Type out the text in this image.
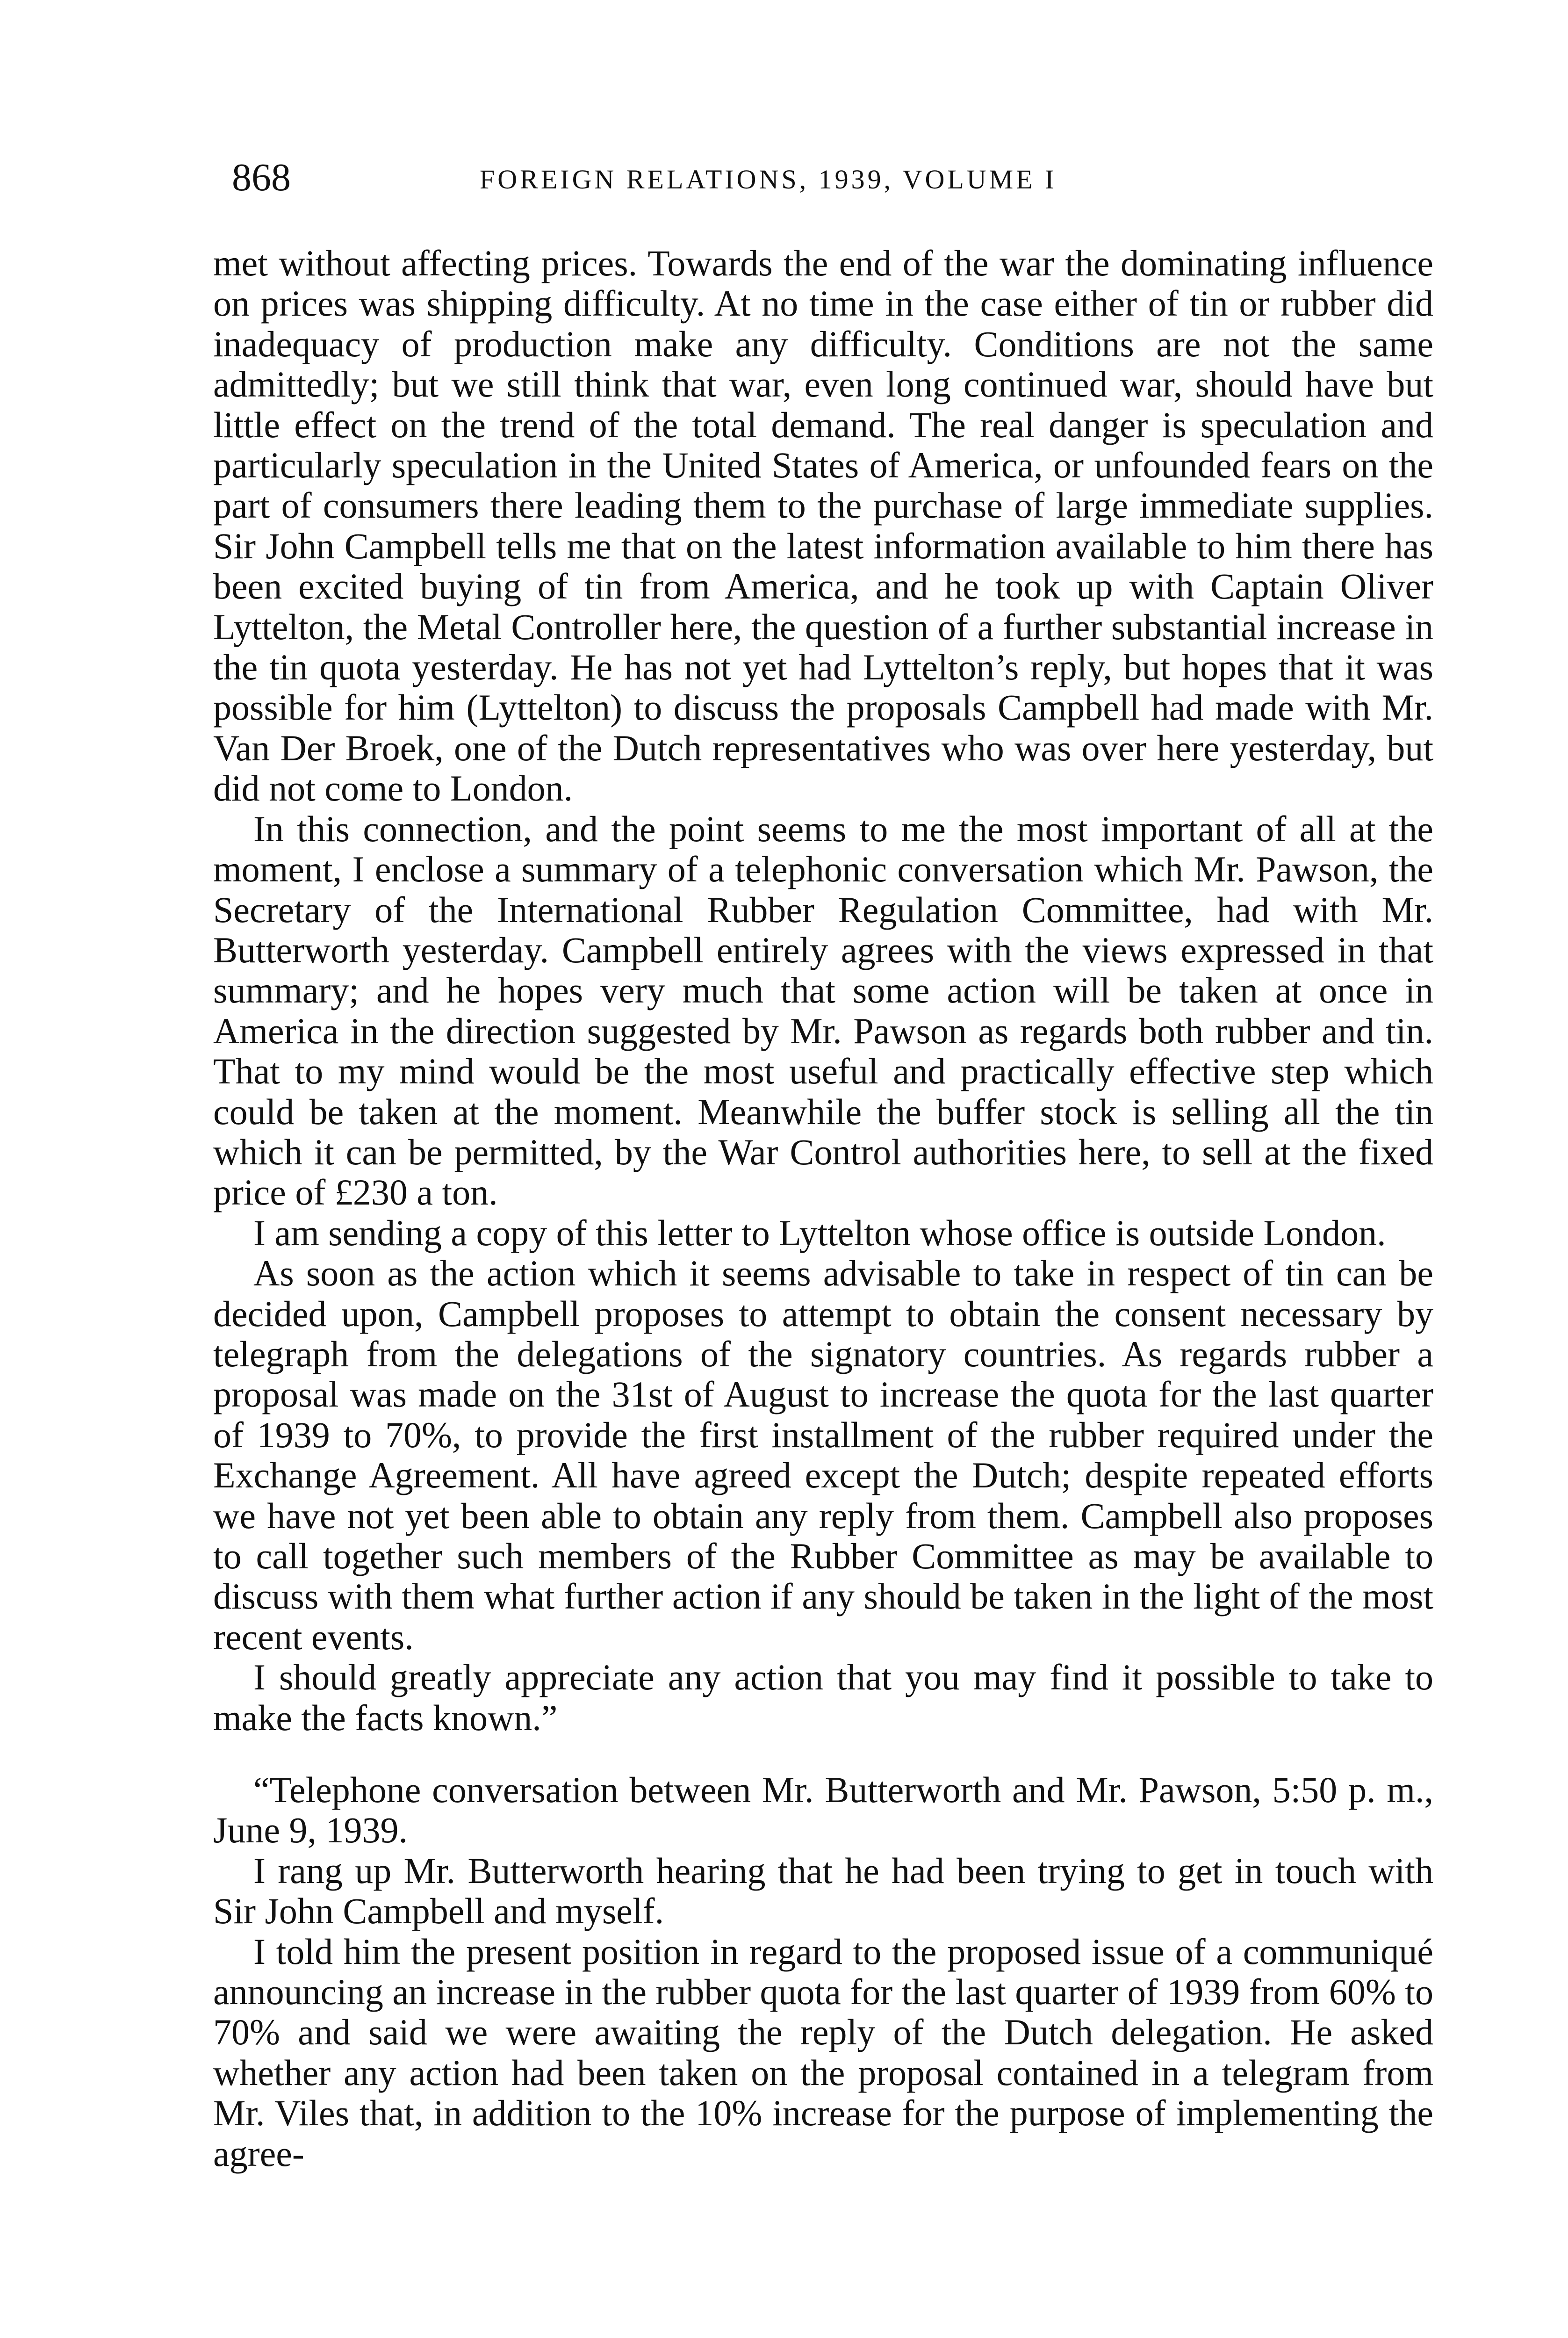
868	FOREIGN RELATIONS, 1939, VOLUME I

met without affecting prices. Towards the end of the war the dominating influence on prices was shipping difficulty. At no time in the case either of tin or rubber did inadequacy of production make any difficulty. Conditions are not the same admittedly; but we still think that war, even long continued war, should have but little effect on the trend of the total demand. The real danger is speculation and particularly speculation in the United States of America, or unfounded fears on the part of consumers there leading them to the purchase of large immediate supplies. Sir John Campbell tells me that on the latest information available to him there has been excited buying of tin from America, and he took up with Captain Oliver Lyttelton, the Metal Controller here, the question of a further substantial increase in the tin quota yesterday. He has not yet had Lyttelton’s reply, but hopes that it was possible for him (Lyttelton) to discuss the proposals Campbell had made with Mr. Van Der Broek, one of the Dutch representatives who was over here yesterday, but did not come to London.

In this connection, and the point seems to me the most important of all at the moment, I enclose a summary of a telephonic conversation which Mr. Pawson, the Secretary of the International Rubber Regulation Committee, had with Mr. Butterworth yesterday. Campbell entirely agrees with the views expressed in that summary; and he hopes very much that some action will be taken at once in America in the direction suggested by Mr. Pawson as regards both rubber and tin. That to my mind would be the most useful and practically effective step which could be taken at the moment. Meanwhile the buffer stock is selling all the tin which it can be permitted, by the War Control authorities here, to sell at the fixed price of £230 a ton.

I am sending a copy of this letter to Lyttelton whose office is outside London.

As soon as the action which it seems advisable to take in respect of tin can be decided upon, Campbell proposes to attempt to obtain the consent necessary by telegraph from the delegations of the signatory countries. As regards rubber a proposal was made on the 31st of August to increase the quota for the last quarter of 1939 to 70%, to provide the first installment of the rubber required under the Exchange Agreement. All have agreed except the Dutch; despite repeated efforts we have not yet been able to obtain any reply from them. Campbell also proposes to call together such members of the Rubber Committee as may be available to discuss with them what further action if any should be taken in the light of the most recent events.

I should greatly appreciate any action that you may find it possible to take to make the facts known.”

“Telephone conversation between Mr. Butterworth and Mr. Pawson, 5:50 p. m., June 9, 1939.

I rang up Mr. Butterworth hearing that he had been trying to get in touch with Sir John Campbell and myself.

I told him the present position in regard to the proposed issue of a communiqué announcing an increase in the rubber quota for the last quarter of 1939 from 60% to 70% and said we were awaiting the reply of the Dutch delegation. He asked whether any action had been taken on the proposal contained in a telegram from Mr. Viles that, in addition to the 10% increase for the purpose of implementing the agree-
